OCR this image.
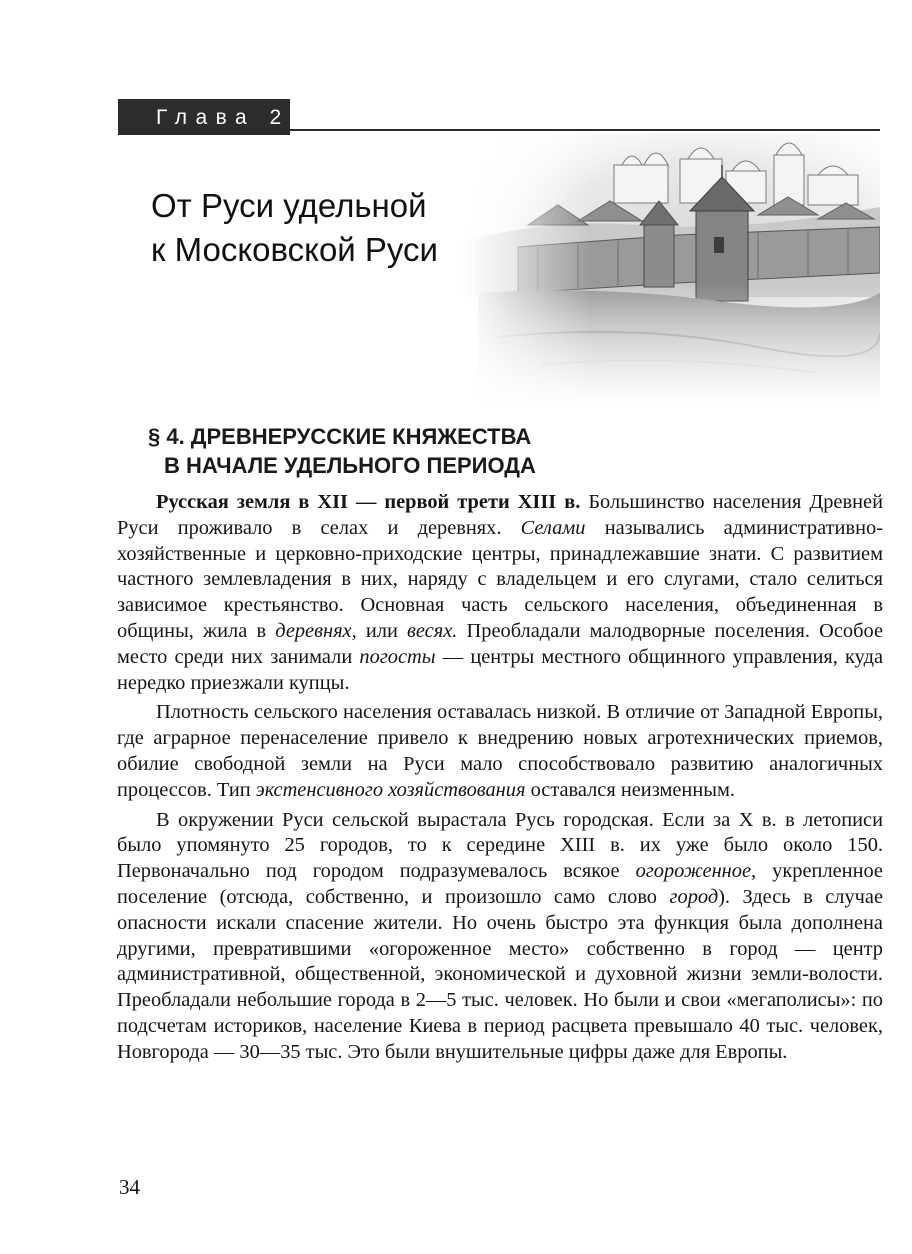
Глава 2
От Руси удельной
к Московской Руси
§ 4. ДРЕВНЕРУССКИЕ КНЯЖЕСТВА
В НАЧАЛЕ УДЕЛЬНОГО ПЕРИОДА

Русская земля в XII — первой трети XIII в. Большинство населения Древней Руси проживало в селах и деревнях. Селами назывались административно-хозяйственные и церковно-приходские центры, принадлежавшие знати. С развитием частного землевладения в них, наряду с владельцем и его слугами, стало селиться зависимое крестьянство. Основная часть сельского населения, объединенная в общины, жила в деревнях, или весях. Преобладали малодворные поселения. Особое место среди них занимали погосты — центры местного общинного управления, куда нередко приезжали купцы.

Плотность сельского населения оставалась низкой. В отличие от Западной Европы, где аграрное перенаселение привело к внедрению новых агротехнических приемов, обилие свободной земли на Руси мало способствовало развитию аналогичных процессов. Тип экстенсивного хозяйствования оставался неизменным.

В окружении Руси сельской вырастала Русь городская. Если за X в. в летописи было упомянуто 25 городов, то к середине XIII в. их уже было около 150. Первоначально под городом подразумевалось всякое огороженное, укрепленное поселение (отсюда, собственно, и произошло само слово город). Здесь в случае опасности искали спасение жители. Но очень быстро эта функция была дополнена другими, превратившими «огороженное место» собственно в город — центр административной, общественной, экономической и духовной жизни земли-волости. Преобладали небольшие города в 2—5 тыс. человек. Но были и свои «мегаполисы»: по подсчетам историков, население Киева в период расцвета превышало 40 тыс. человек, Новгорода — 30—35 тыс. Это были внушительные цифры даже для Европы.

34
